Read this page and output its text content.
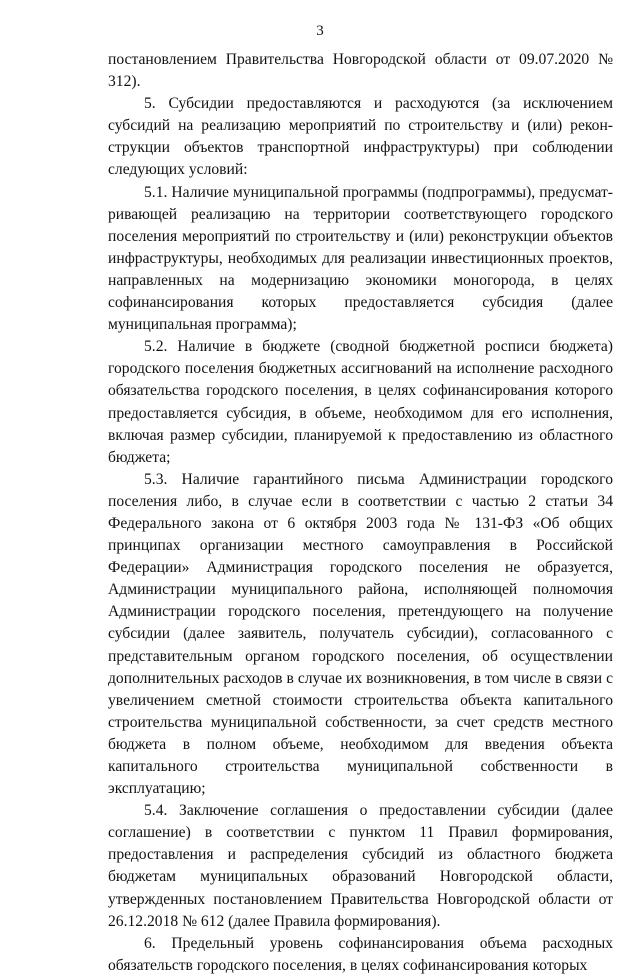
3

постановлением Правительства Новгородской области от 09.07.2020 № 312).

5. Субсидии предоставляются и расходуются (за исключением субсидий на реализацию мероприятий по строительству и (или) реконструкции объектов транспортной инфраструктуры) при соблюдении следующих условий:

5.1. Наличие муниципальной программы (подпрограммы), предусматривающей реализацию на территории соответствующего городского поселения мероприятий по строительству и (или) реконструкции объектов инфраструктуры, необходимых для реализации инвестиционных проектов, направленных на модернизацию экономики моногорода, в целях софинансирования которых предоставляется субсидия (далее муниципальная программа);

5.2. Наличие в бюджете (сводной бюджетной росписи бюджета) городского поселения бюджетных ассигнований на исполнение расходного обязательства городского поселения, в целях софинансирования которого предоставляется субсидия, в объеме, необходимом для его исполнения, включая размер субсидии, планируемой к предоставлению из областного бюджета;

5.3. Наличие гарантийного письма Администрации городского поселения либо, в случае если в соответствии с частью 2 статьи 34 Федерального закона от 6 октября 2003 года № 131-ФЗ «Об общих принципах организации местного самоуправления в Российской Федерации» Администрация городского поселения не образуется, Администрации муниципального района, исполняющей полномочия Администрации городского поселения, претендующего на получение субсидии (далее заявитель, получатель субсидии), согласованного с представительным органом городского поселения, об осуществлении дополнительных расходов в случае их возникновения, в том числе в связи с увеличением сметной стоимости строительства объекта капитального строительства муниципальной собственности, за счет средств местного бюджета в полном объеме, необходимом для введения объекта капитального строительства муниципальной собственности в эксплуатацию;

5.4. Заключение соглашения о предоставлении субсидии (далее соглашение) в соответствии с пунктом 11 Правил формирования, предоставления и распределения субсидий из областного бюджета бюджетам муниципальных образований Новгородской области, утвержденных постановлением Правительства Новгородской области от 26.12.2018 № 612 (далее Правила формирования).

6. Предельный уровень софинансирования объема расходных обязательств городского поселения, в целях софинансирования которых
